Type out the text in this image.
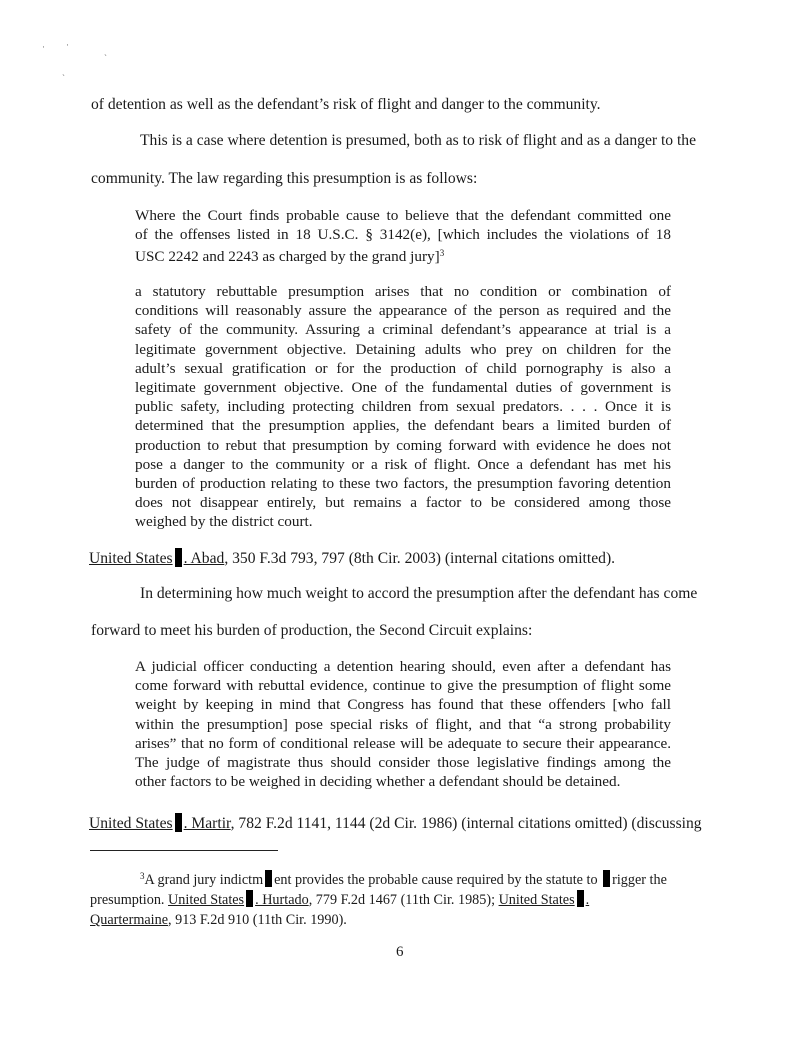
· ·
ˎ
ˏ
of detention as well as the defendant’s risk of flight and danger to the community.
This is a case where detention is presumed, both as to risk of flight and as a danger to the
community. The law regarding this presumption is as follows:
Where the Court finds probable cause to believe that the defendant committed one
of the offenses listed in 18 U.S.C. § 3142(e), [which includes the violations of 18
USC 2242 and 2243 as charged by the grand jury]$^3$
a statutory rebuttable presumption arises that no condition or combination of
conditions will reasonably assure the appearance of the person as required and the
safety of the community. Assuring a criminal defendant’s appearance at trial is a
legitimate government objective. Detaining adults who prey on children for the
adult’s sexual gratification or for the production of child pornography is also a
legitimate government objective. One of the fundamental duties of government is
public safety, including protecting children from sexual predators. . . . Once it is
determined that the presumption applies, the defendant bears a limited burden of
production to rebut that presumption by coming forward with evidence he does not
pose a danger to the community or a risk of flight. Once a defendant has met his
burden of production relating to these two factors, the presumption favoring detention
does not disappear entirely, but remains a factor to be considered among those
weighed by the district court.
United States . Abad, 350 F.3d 793, 797 (8th Cir. 2003) (internal citations omitted).
In determining how much weight to accord the presumption after the defendant has come
forward to meet his burden of production, the Second Circuit explains:
A judicial officer conducting a detention hearing should, even after a defendant has
come forward with rebuttal evidence, continue to give the presumption of flight some
weight by keeping in mind that Congress has found that these offenders [who fall
within the presumption] pose special risks of flight, and that “a strong probability
arises” that no form of conditional release will be adequate to secure their appearance.
The judge of magistrate thus should consider those legislative findings among the
other factors to be weighed in deciding whether a defendant should be detained.
United States . Martir, 782 F.2d 1141, 1144 (2d Cir. 1986) (internal citations omitted) (discussing
$^3$A grand jury indictm ent provides the probable cause required by the statute to rigger the
presumption. United States . Hurtado, 779 F.2d 1467 (11th Cir. 1985); United States .
Quartermaine, 913 F.2d 910 (11th Cir. 1990).
6
